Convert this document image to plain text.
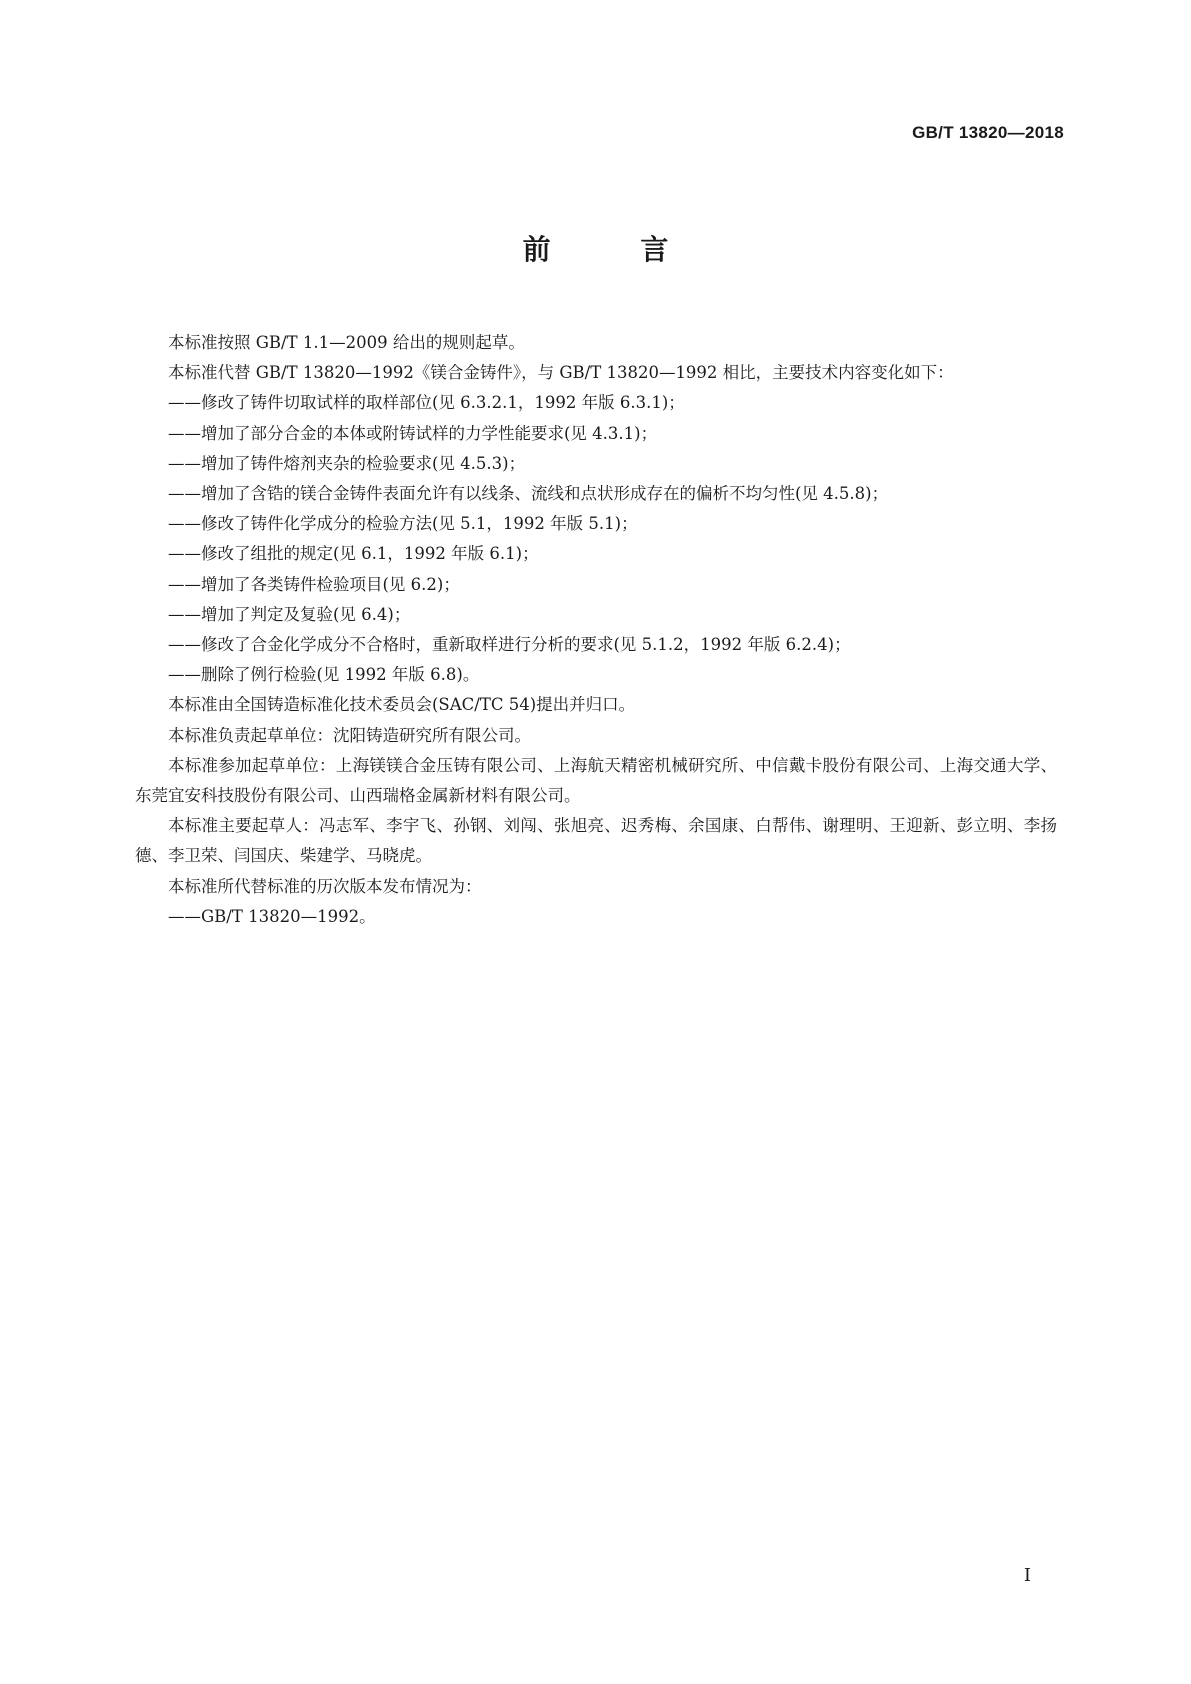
GB/T 13820—2018
前 言

本标准按照 GB/T 1.1—2009 给出的规则起草。

本标准代替 GB/T 13820—1992《镁合金铸件》，与 GB/T 13820—1992 相比，主要技术内容变化如下：

——修改了铸件切取试样的取样部位(见 6.3.2.1，1992 年版 6.3.1)；

——增加了部分合金的本体或附铸试样的力学性能要求(见 4.3.1)；

——增加了铸件熔剂夹杂的检验要求(见 4.5.3)；

——增加了含锆的镁合金铸件表面允许有以线条、流线和点状形成存在的偏析不均匀性(见 4.5.8)；

——修改了铸件化学成分的检验方法(见 5.1，1992 年版 5.1)；

——修改了组批的规定(见 6.1，1992 年版 6.1)；

——增加了各类铸件检验项目(见 6.2)；

——增加了判定及复验(见 6.4)；

——修改了合金化学成分不合格时，重新取样进行分析的要求(见 5.1.2，1992 年版 6.2.4)；

——删除了例行检验(见 1992 年版 6.8)。

本标准由全国铸造标准化技术委员会(SAC/TC 54)提出并归口。

本标准负责起草单位：沈阳铸造研究所有限公司。

本标准参加起草单位：上海镁镁合金压铸有限公司、上海航天精密机械研究所、中信戴卡股份有限公司、上海交通大学、东莞宜安科技股份有限公司、山西瑞格金属新材料有限公司。

本标准主要起草人：冯志军、李宇飞、孙钢、刘闯、张旭亮、迟秀梅、余国康、白帮伟、谢理明、王迎新、彭立明、李扬德、李卫荣、闫国庆、柴建学、马晓虎。

本标准所代替标准的历次版本发布情况为：

——GB/T 13820—1992。

I
